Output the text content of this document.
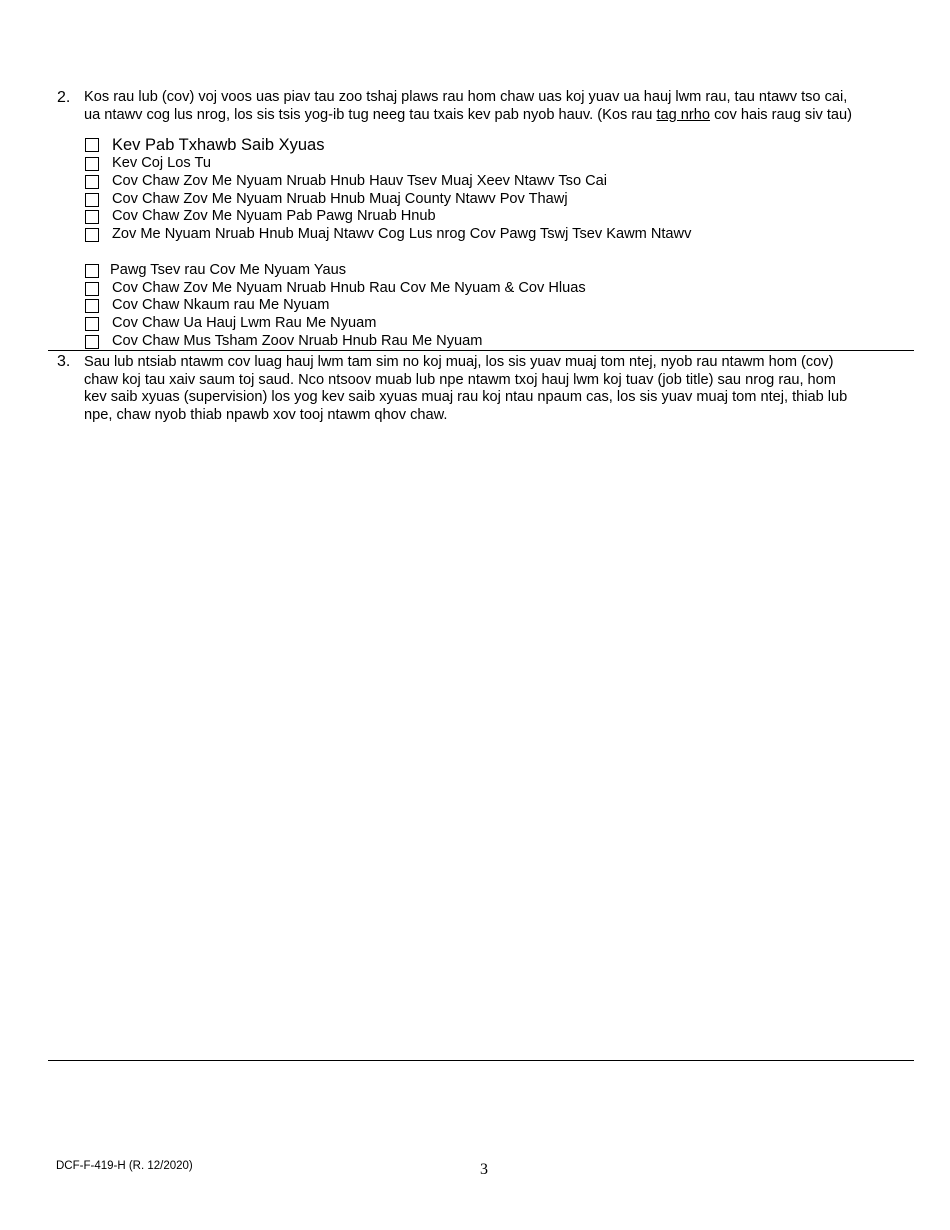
2. Kos rau lub (cov) voj voos uas piav tau zoo tshaj plaws rau hom chaw uas koj yuav ua hauj lwm rau, tau ntawv tso cai,
ua ntawv cog lus nrog, los sis tsis yog-ib tug neeg tau txais kev pab nyob hauv. (Kos rau tag nrho cov hais raug siv tau)
Kev Pab Txhawb Saib Xyuas
Kev Coj Los Tu
Cov Chaw Zov Me Nyuam Nruab Hnub Hauv Tsev Muaj Xeev Ntawv Tso Cai
Cov Chaw Zov Me Nyuam Nruab Hnub Muaj County Ntawv Pov Thawj
Cov Chaw Zov Me Nyuam Pab Pawg Nruab Hnub
Zov Me Nyuam Nruab Hnub Muaj Ntawv Cog Lus nrog Cov Pawg Tswj Tsev Kawm Ntawv
Pawg Tsev rau Cov Me Nyuam Yaus
Cov Chaw Zov Me Nyuam Nruab Hnub Rau Cov Me Nyuam & Cov Hluas
Cov Chaw Nkaum rau Me Nyuam
Cov Chaw Ua Hauj Lwm Rau Me Nyuam
Cov Chaw Mus Tsham Zoov Nruab Hnub Rau Me Nyuam
3. Sau lub ntsiab ntawm cov luag hauj lwm tam sim no koj muaj, los sis yuav muaj tom ntej, nyob rau ntawm hom (cov)
chaw koj tau xaiv saum toj saud. Nco ntsoov muab lub npe ntawm txoj hauj lwm koj tuav (job title) sau nrog rau, hom
kev saib xyuas (supervision) los yog kev saib xyuas muaj rau koj ntau npaum cas, los sis yuav muaj tom ntej, thiab lub
npe, chaw nyob thiab npawb xov tooj ntawm qhov chaw.
DCF-F-419-H (R. 12/2020)	3
